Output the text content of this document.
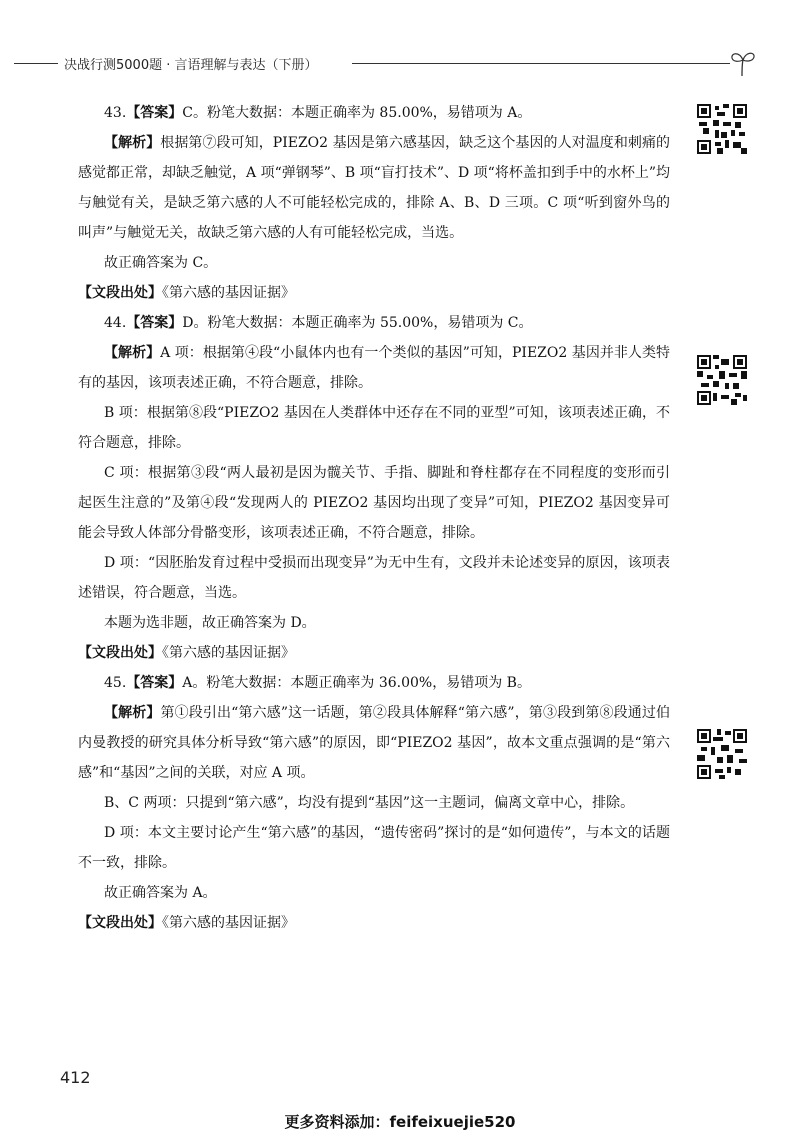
决战行测5000题 · 言语理解与表达（下册）

43.【答案】C。粉笔大数据：本题正确率为 85.00%，易错项为 A。

【解析】根据第⑦段可知，PIEZO2 基因是第六感基因，缺乏这个基因的人对温度和刺痛的感觉都正常，却缺乏触觉，A 项“弹钢琴”、B 项“盲打技术”、D 项“将杯盖扣到手中的水杯上”均与触觉有关，是缺乏第六感的人不可能轻松完成的，排除 A、B、D 三项。C 项“听到窗外鸟的叫声”与触觉无关，故缺乏第六感的人有可能轻松完成，当选。

故正确答案为 C。

【文段出处】《第六感的基因证据》

44.【答案】D。粉笔大数据：本题正确率为 55.00%，易错项为 C。

【解析】A 项：根据第④段“小鼠体内也有一个类似的基因”可知，PIEZO2 基因并非人类特有的基因，该项表述正确，不符合题意，排除。

B 项：根据第⑧段“PIEZO2 基因在人类群体中还存在不同的亚型”可知，该项表述正确，不符合题意，排除。

C 项：根据第③段“两人最初是因为髋关节、手指、脚趾和脊柱都存在不同程度的变形而引起医生注意的”及第④段“发现两人的 PIEZO2 基因均出现了变异”可知，PIEZO2 基因变异可能会导致人体部分骨骼变形，该项表述正确，不符合题意，排除。

D 项：“因胚胎发育过程中受损而出现变异”为无中生有，文段并未论述变异的原因，该项表述错误，符合题意，当选。

本题为选非题，故正确答案为 D。

【文段出处】《第六感的基因证据》

45.【答案】A。粉笔大数据：本题正确率为 36.00%，易错项为 B。

【解析】第①段引出“第六感”这一话题，第②段具体解释“第六感”，第③段到第⑧段通过伯内曼教授的研究具体分析导致“第六感”的原因，即“PIEZO2 基因”，故本文重点强调的是“第六感”和“基因”之间的关联，对应 A 项。

B、C 两项：只提到“第六感”，均没有提到“基因”这一主题词，偏离文章中心，排除。

D 项：本文主要讨论产生“第六感”的基因，“遗传密码”探讨的是“如何遗传”，与本文的话题不一致，排除。

故正确答案为 A。

【文段出处】《第六感的基因证据》

412
更多资料添加：feifeixuejie520
